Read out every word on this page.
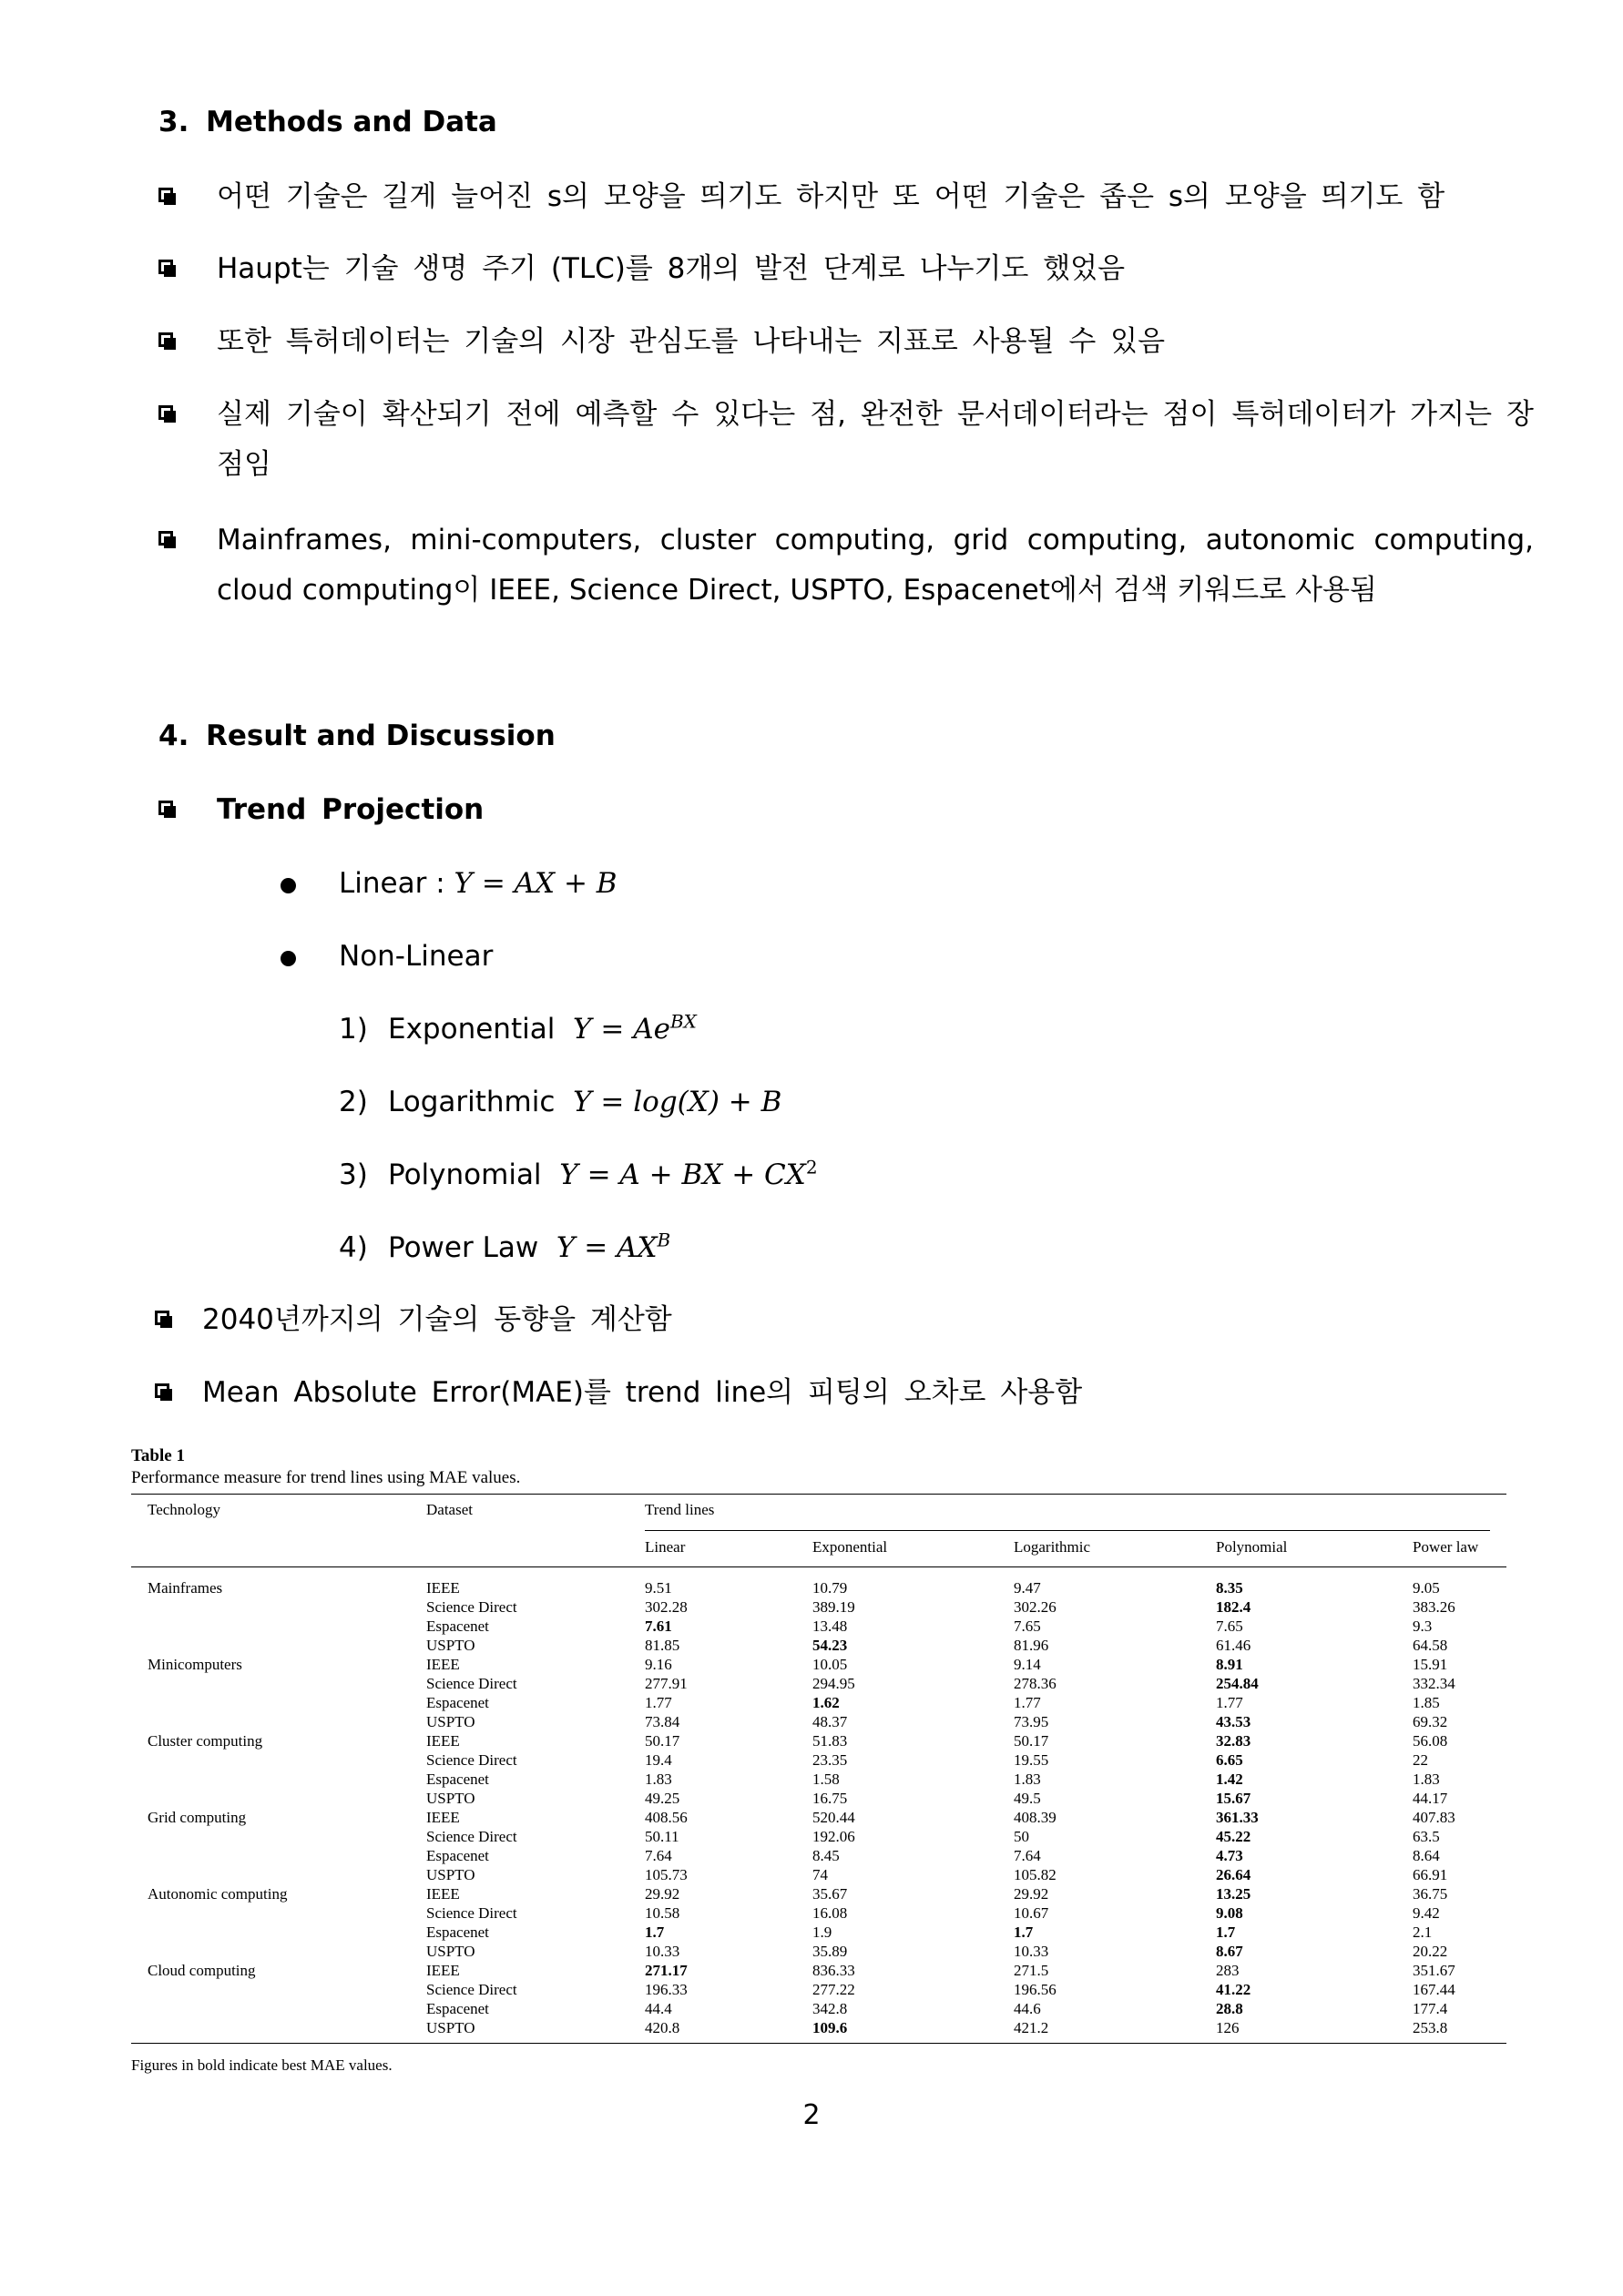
3. Methods and Data
어떤 기술은 길게 늘어진 s의 모양을 띄기도 하지만 또 어떤 기술은 좁은 s의 모양을 띄기도 함
Haupt는 기술 생명 주기 (TLC)를 8개의 발전 단계로 나누기도 했었음
또한 특허데이터는 기술의 시장 관심도를 나타내는 지표로 사용될 수 있음
실제 기술이 확산되기 전에 예측할 수 있다는 점, 완전한 문서데이터라는 점이 특허데이터가 가지는 장점임
Mainframes, mini-computers, cluster computing, grid computing, autonomic computing, cloud computing이 IEEE, Science Direct, USPTO, Espacenet에서 검색 키워드로 사용됨
4. Result and Discussion
Trend Projection
Linear : Y = AX + B
Non-Linear
1) Exponential $Y = Ae^{BX}$
2) Logarithmic Y = log(X) + B
3) Polynomial Y = A + BX + $CX^2$
4) Power Law $Y = AX^B$
2040년까지의 기술의 동향을 계산함
Mean Absolute Error(MAE)를 trend line의 피팅의 오차로 사용함
Table 1
Performance measure for trend lines using MAE values.
Technology	Dataset	Trend lines
Linear	Exponential	Logarithmic	Polynomial	Power law
Mainframes	IEEE	9.51	10.79	9.47	8.35	9.05
Science Direct	302.28	389.19	302.26	182.4	383.26
Espacenet	7.61	13.48	7.65	7.65	9.3
USPTO	81.85	54.23	81.96	61.46	64.58
Minicomputers	IEEE	9.16	10.05	9.14	8.91	15.91
Science Direct	277.91	294.95	278.36	254.84	332.34
Espacenet	1.77	1.62	1.77	1.77	1.85
USPTO	73.84	48.37	73.95	43.53	69.32
Cluster computing	IEEE	50.17	51.83	50.17	32.83	56.08
Science Direct	19.4	23.35	19.55	6.65	22
Espacenet	1.83	1.58	1.83	1.42	1.83
USPTO	49.25	16.75	49.5	15.67	44.17
Grid computing	IEEE	408.56	520.44	408.39	361.33	407.83
Science Direct	50.11	192.06	50	45.22	63.5
Espacenet	7.64	8.45	7.64	4.73	8.64
USPTO	105.73	74	105.82	26.64	66.91
Autonomic computing	IEEE	29.92	35.67	29.92	13.25	36.75
Science Direct	10.58	16.08	10.67	9.08	9.42
Espacenet	1.7	1.9	1.7	1.7	2.1
USPTO	10.33	35.89	10.33	8.67	20.22
Cloud computing	IEEE	271.17	836.33	271.5	283	351.67
Science Direct	196.33	277.22	196.56	41.22	167.44
Espacenet	44.4	342.8	44.6	28.8	177.4
USPTO	420.8	109.6	421.2	126	253.8
Figures in bold indicate best MAE values.
2
